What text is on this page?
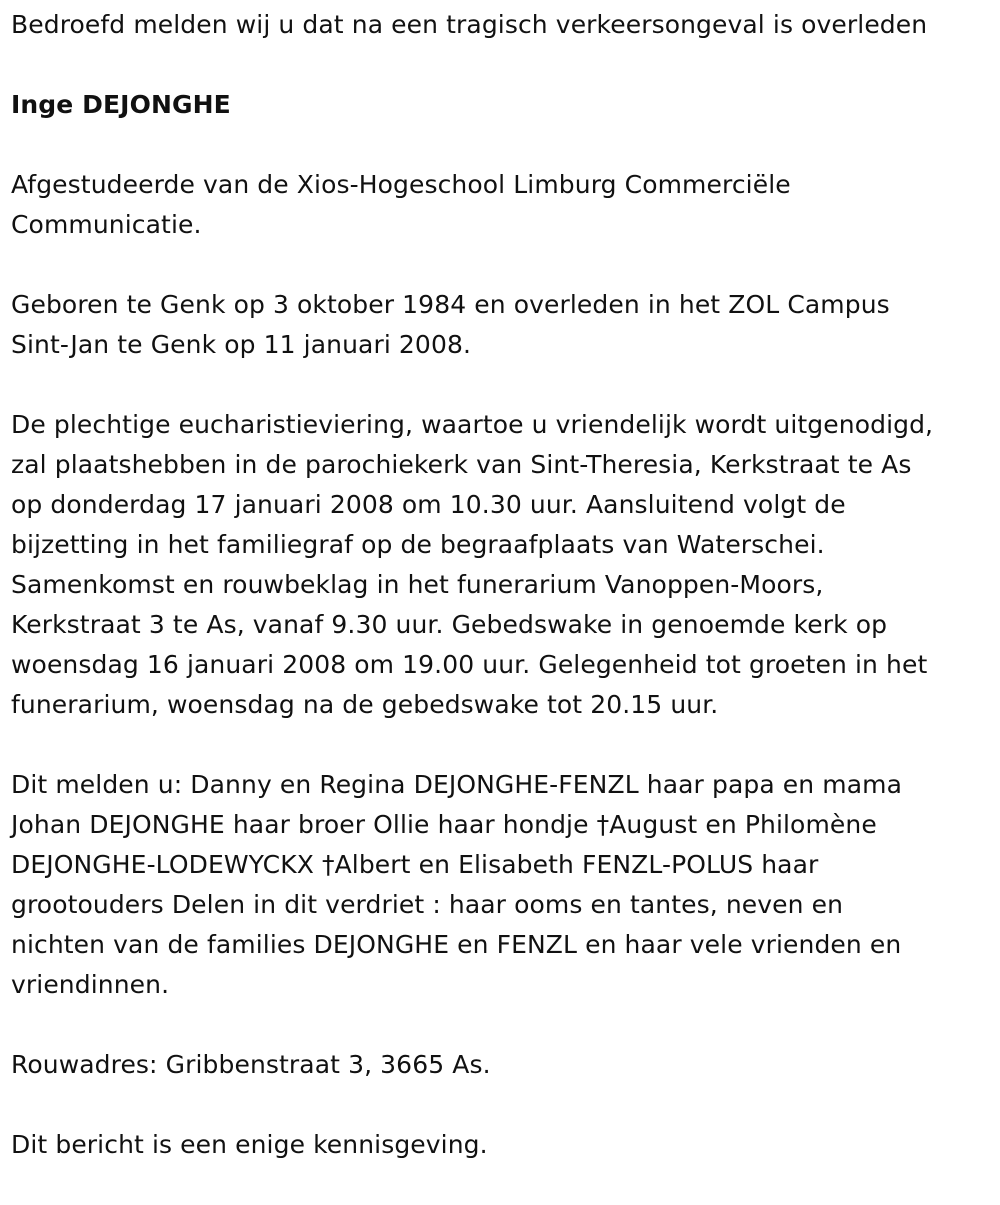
Bedroefd melden wij u dat na een tragisch verkeersongeval is overleden

Inge DEJONGHE

Afgestudeerde van de Xios-Hogeschool Limburg Commerciële
Communicatie.

Geboren te Genk op 3 oktober 1984 en overleden in het ZOL Campus
Sint-Jan te Genk op 11 januari 2008.

De plechtige eucharistieviering, waartoe u vriendelijk wordt uitgenodigd,
zal plaatshebben in de parochiekerk van Sint-Theresia, Kerkstraat te As
op donderdag 17 januari 2008 om 10.30 uur. Aansluitend volgt de
bijzetting in het familiegraf op de begraafplaats van Waterschei.
Samenkomst en rouwbeklag in het funerarium Vanoppen-Moors,
Kerkstraat 3 te As, vanaf 9.30 uur. Gebedswake in genoemde kerk op
woensdag 16 januari 2008 om 19.00 uur. Gelegenheid tot groeten in het
funerarium, woensdag na de gebedswake tot 20.15 uur.

Dit melden u: Danny en Regina DEJONGHE-FENZL haar papa en mama
Johan DEJONGHE haar broer Ollie haar hondje †August en Philomène
DEJONGHE-LODEWYCKX †Albert en Elisabeth FENZL-POLUS haar
grootouders Delen in dit verdriet : haar ooms en tantes, neven en
nichten van de families DEJONGHE en FENZL en haar vele vrienden en
vriendinnen.

Rouwadres: Gribbenstraat 3, 3665 As.

Dit bericht is een enige kennisgeving.
